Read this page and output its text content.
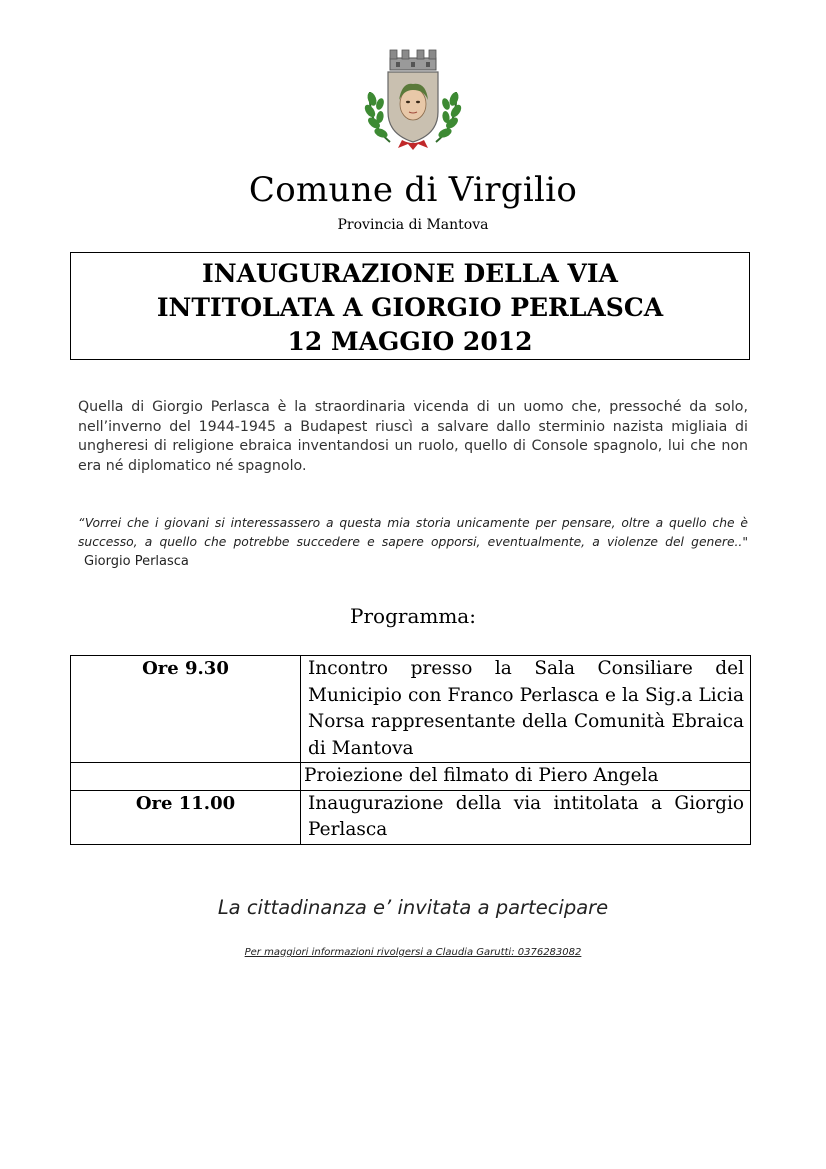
Comune di Virgilio
Provincia di Mantova
INAUGURAZIONE DELLA VIA
INTITOLATA A GIORGIO PERLASCA
12 MAGGIO 2012
Quella di Giorgio Perlasca è la straordinaria vicenda di un uomo che, pressoché da solo, nell’inverno del 1944-1945 a Budapest riuscì a salvare dallo sterminio nazista migliaia di ungheresi di religione ebraica inventandosi un ruolo, quello di Console spagnolo, lui che non era né diplomatico né spagnolo.
“Vorrei che i giovani si interessassero a questa mia storia unicamente per pensare, oltre a quello che è successo, a quello che potrebbe succedere e sapere opporsi, eventualmente, a violenze del genere.." Giorgio Perlasca
Programma:
Ore 9.30	Incontro presso la Sala Consiliare del Municipio con Franco Perlasca e la Sig.a Licia Norsa rappresentante della Comunità Ebraica di Mantova
	Proiezione del filmato di Piero Angela
Ore 11.00	Inaugurazione della via intitolata a Giorgio Perlasca
La cittadinanza e’ invitata a partecipare
Per maggiori informazioni rivolgersi a Claudia Garutti: 0376283082
